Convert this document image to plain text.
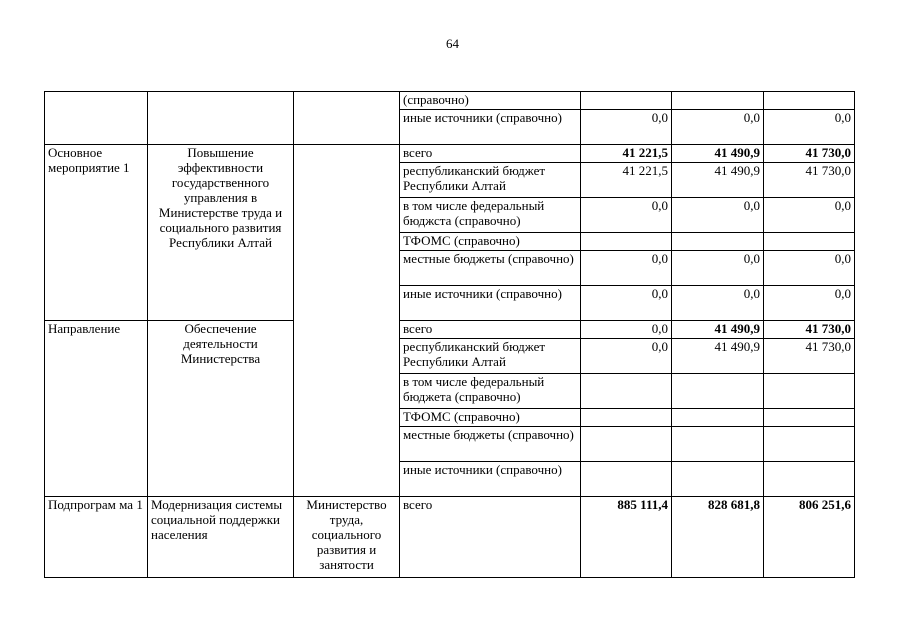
64
			(справочно)			
			иные источники (справочно)	0,0	0,0	0,0
Основное мероприятие 1	Повышение эффективности государственного управления в Министерстве труда и социального развития Республики Алтай		всего	41 221,5	41 490,9	41 730,0
			республиканский бюджет Республики Алтай	41 221,5	41 490,9	41 730,0
			в том числе федеральный бюджста (справочно)	0,0	0,0	0,0
			ТФОМС (справочно)			
			местные бюджеты (справочно)	0,0	0,0	0,0
			иные источники (справочно)	0,0	0,0	0,0
Направление	Обеспечение деятельности Министерства		всего	0,0	41 490,9	41 730,0
			республиканский бюджет Республики Алтай	0,0	41 490,9	41 730,0
			в том числе федеральный бюджета (справочно)			
			ТФОМС (справочно)			
			местные бюджеты (справочно)			
			иные источники (справочно)			
Подпрограм ма 1	Модернизация системы социальной поддержки населения	Министерство труда, социального развития и занятости	всего	885 111,4	828 681,8	806 251,6
